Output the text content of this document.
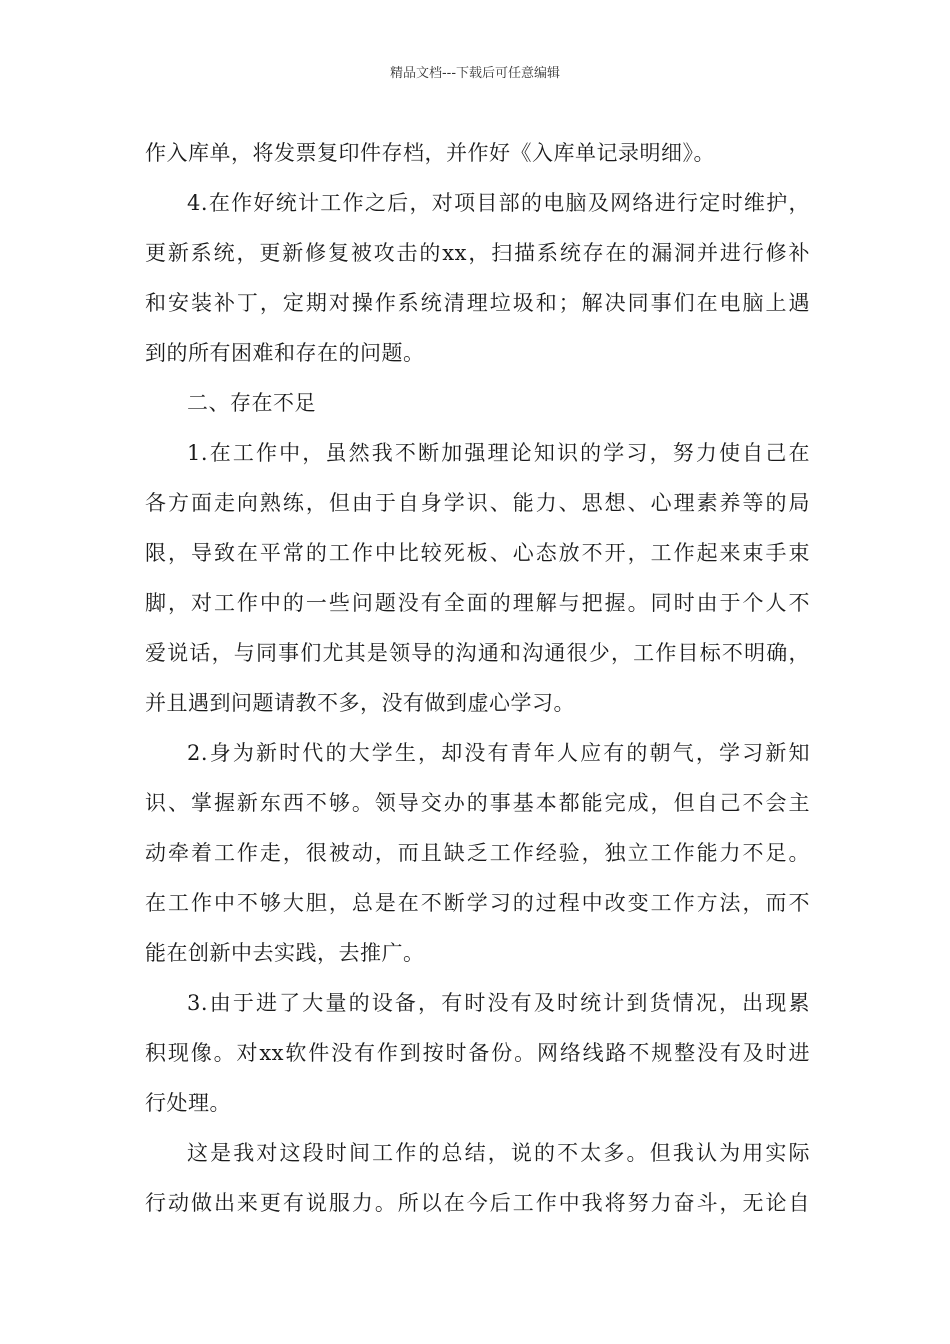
精品文档---下载后可任意编辑
作入库单，将发票复印件存档，并作好《入库单记录明细》。
4.在作好统计工作之后，对项目部的电脑及网络进行定时维护，
更新系统，更新修复被攻击的xx，扫描系统存在的漏洞并进行修补
和安装补丁，定期对操作系统清理垃圾和；解决同事们在电脑上遇
到的所有困难和存在的问题。
二、存在不足
1.在工作中，虽然我不断加强理论知识的学习，努力使自己在
各方面走向熟练，但由于自身学识、能力、思想、心理素养等的局
限，导致在平常的工作中比较死板、心态放不开，工作起来束手束
脚，对工作中的一些问题没有全面的理解与把握。同时由于个人不
爱说话，与同事们尤其是领导的沟通和沟通很少，工作目标不明确，
并且遇到问题请教不多，没有做到虚心学习。
2.身为新时代的大学生，却没有青年人应有的朝气，学习新知
识、掌握新东西不够。领导交办的事基本都能完成，但自己不会主
动牵着工作走，很被动，而且缺乏工作经验，独立工作能力不足。
在工作中不够大胆，总是在不断学习的过程中改变工作方法，而不
能在创新中去实践，去推广。
3.由于进了大量的设备，有时没有及时统计到货情况，出现累
积现像。对xx软件没有作到按时备份。网络线路不规整没有及时进
行处理。
这是我对这段时间工作的总结，说的不太多。但我认为用实际
行动做出来更有说服力。所以在今后工作中我将努力奋斗，无论自
